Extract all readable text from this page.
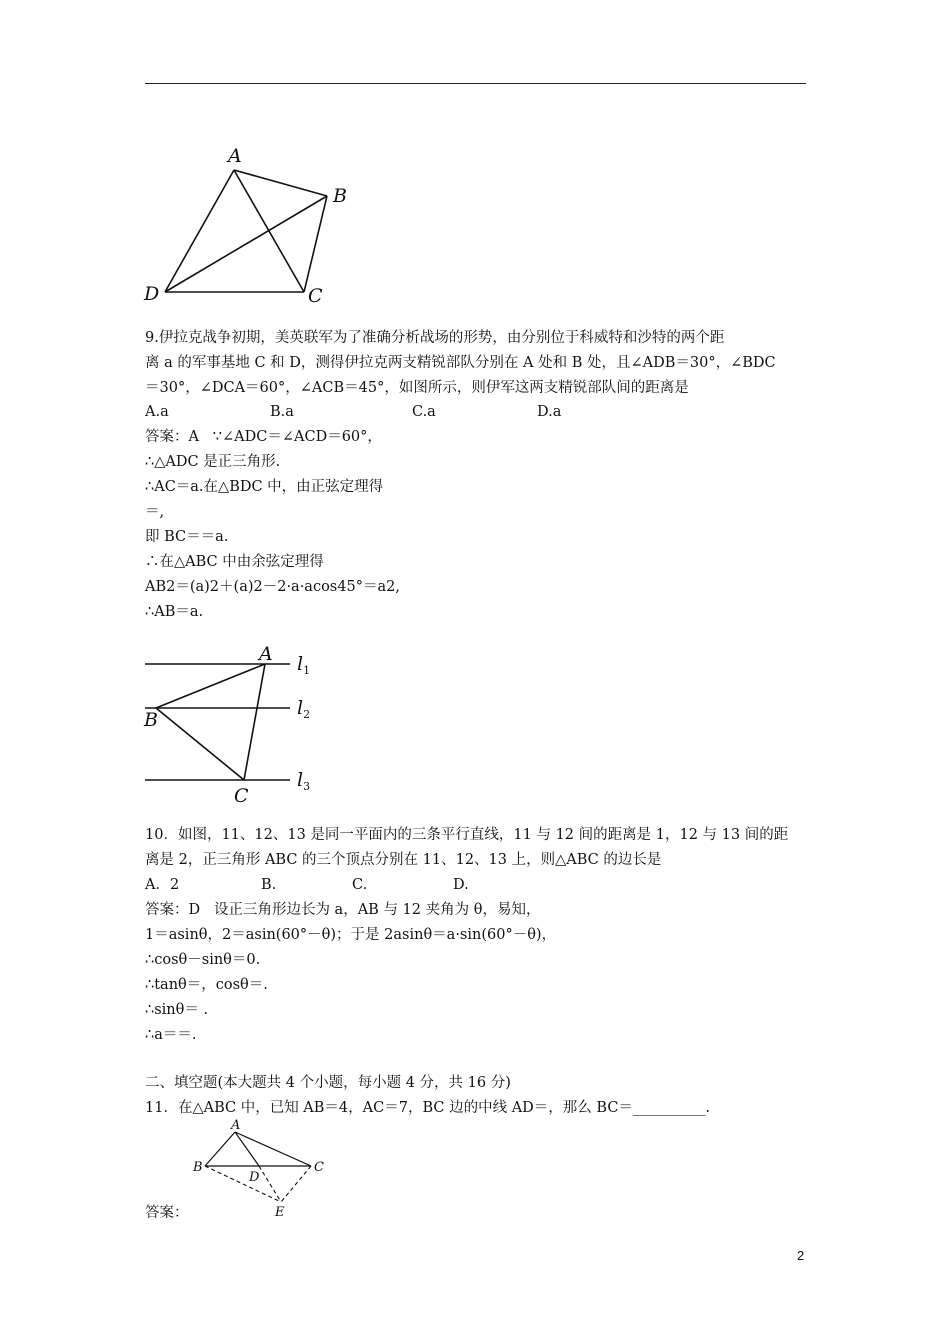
A
B
C
D
9.伊拉克战争初期，美英联军为了准确分析战场的形势，由分别位于科威特和沙特的两个距
离 a 的军事基地 C 和 D，测得伊拉克两支精锐部队分别在 A 处和 B 处，且∠ADB＝30°，∠BDC
＝30°，∠DCA＝60°，∠ACB＝45°，如图所示，则伊军这两支精锐部队间的距离是
A.a	B.a	C.a	D.a
答案：A   ∵∠ADC＝∠ACD＝60°，
∴△ADC 是正三角形.
∴AC＝a.在△BDC 中，由正弦定理得
＝,
即 BC＝＝a.
∴在△ABC 中由余弦定理得
AB2＝(a)2＋(a)2－2·a·acos45°＝a2,
∴AB＝a.
A
B
C
$l_1$
$l_2$
$l_3$
10．如图，11、12、13 是同一平面内的三条平行直线，11 与 12 间的距离是 1，12 与 13 间的距
离是 2，正三角形 ABC 的三个顶点分别在 11、12、13 上，则△ABC 的边长是
A．2	B.	C.	D.
答案：D   设正三角形边长为 a，AB 与 12 夹角为 θ，易知，
1＝asinθ，2＝asin(60°－θ)；于是 2asinθ＝a·sin(60°－θ)，
∴cosθ－sinθ＝0.
∴tanθ＝，cosθ＝.
∴sinθ＝ .
∴a＝＝.
二、填空题(本大题共 4 个小题，每小题 4 分，共 16 分)
11．在△ABC 中，已知 AB＝4，AC＝7，BC 边的中线 AD＝，那么 BC＝__________.
A
B	C
D
E
答案：
2
